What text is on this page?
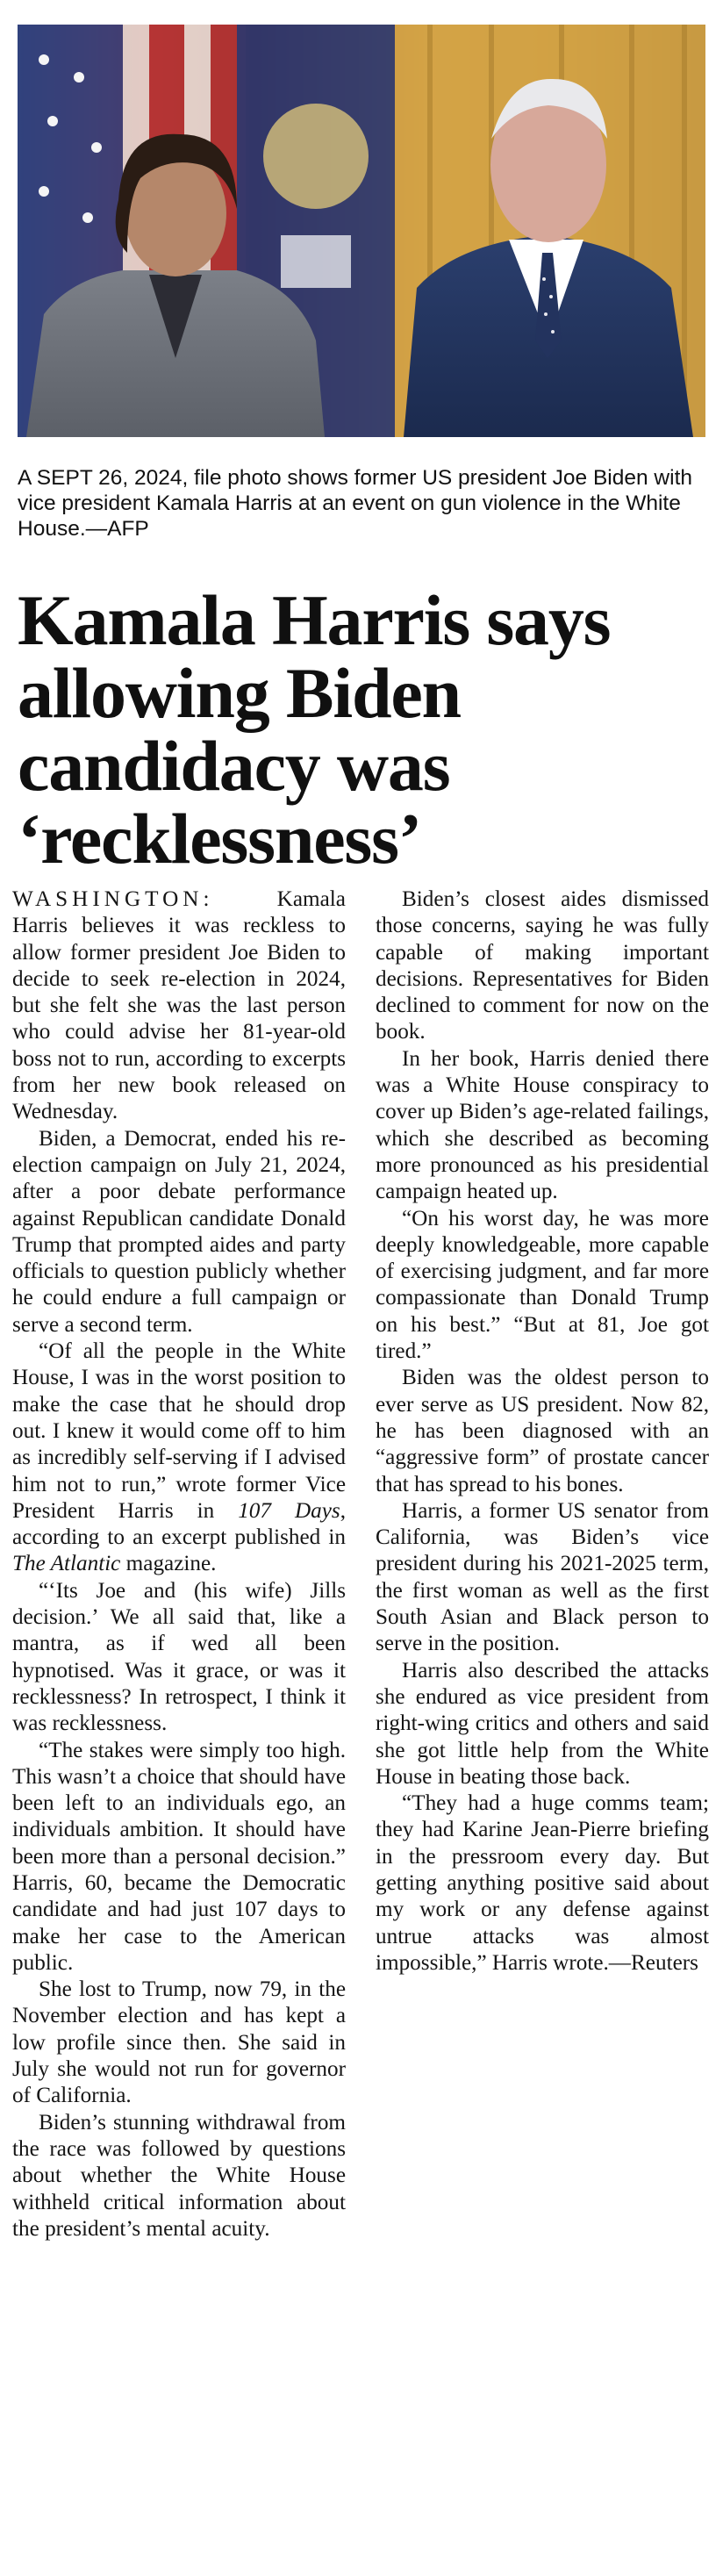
A SEPT 26, 2024, file photo shows former US president Joe Biden with vice president Kamala Harris at an event on gun violence in the White House.—AFP
Kamala Harris says
allowing Biden
candidacy was
‘recklessness’

WASHINGTON:	Kamala Harris believes it was reckless to allow former president Joe Biden to decide to seek re-election in 2024, but she felt she was the last person who could advise her 81-year-old boss not to run, according to excerpts from her new book released on Wednesday.

Biden, a Democrat, ended his re-election campaign on July 21, 2024, after a poor debate performance against Republican candidate Donald Trump that prompted aides and party officials to question publicly whether he could endure a full campaign or serve a second term.

“Of all the people in the White House, I was in the worst position to make the case that he should drop out. I knew it would come off to him as incredibly self-serving if I advised him not to run,” wrote former Vice President Harris in 107 Days, according to an excerpt published in The Atlantic magazine.

“‘Its Joe and (his wife) Jills decision.’ We all said that, like a mantra, as if wed all been hypnotised. Was it grace, or was it recklessness? In retrospect, I think it was recklessness.

“The stakes were simply too high. This wasn’t a choice that should have been left to an individuals ego, an individuals ambition. It should have been more than a personal decision.” Harris, 60, became the Democratic candidate and had just 107 days to make her case to the American public.

She lost to Trump, now 79, in the November election and has kept a low profile since then. She said in July she would not run for governor of California.

Biden’s stunning withdrawal from the race was followed by questions about whether the White House withheld critical information about the president’s mental acuity.

Biden’s closest aides dismissed those concerns, saying he was fully capable of making important decisions. Representatives for Biden declined to comment for now on the book.

In her book, Harris denied there was a White House conspiracy to cover up Biden’s age-related failings, which she described as becoming more pronounced as his presidential campaign heated up.

“On his worst day, he was more deeply knowledgeable, more capable of exercising judgment, and far more compassionate than Donald Trump on his best.” “But at 81, Joe got tired.”

Biden was the oldest person to ever serve as US president. Now 82, he has been diagnosed with an “aggressive form” of prostate cancer that has spread to his bones.

Harris, a former US senator from California, was Biden’s vice president during his 2021-2025 term, the first woman as well as the first South Asian and Black person to serve in the position.

Harris also described the attacks she endured as vice president from right-wing critics and others and said she got little help from the White House in beating those back.

“They had a huge comms team; they had Karine Jean-Pierre briefing in the pressroom every day. But getting anything positive said about my work or any defense against untrue attacks was almost impossible,” Harris wrote.—Reuters
